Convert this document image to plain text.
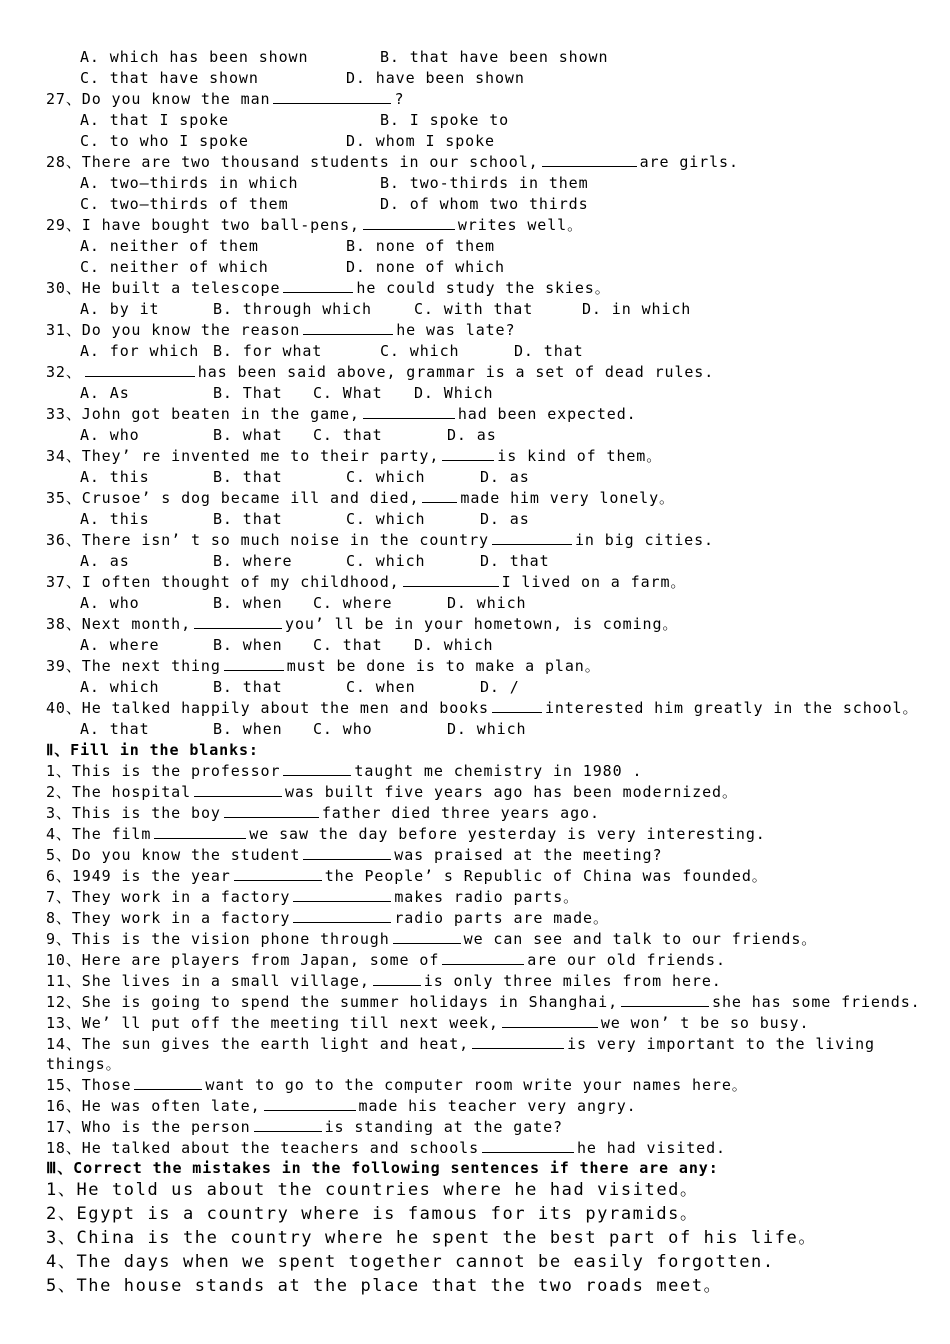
A. which has been shown	B. that have been shown
C. that have shown	D. have been shown
27、Do you know the man	?
A. that I spoke	B. I spoke to
C. to who I spoke	D. whom I spoke
28、There are two thousand students in our school,	are girls.
A. two—thirds in which	B. two-thirds in them
C. two—thirds of them	D. of whom two thirds
29、I have bought two ball-pens,	writes well。
A. neither of them	B. none of them
C. neither of which	D. none of which
30、He built a telescope	he could study the skies。
A. by it	B. through which	C. with that	D. in which
31、Do you know the reason	he was late?
A. for which B. for what	C. which	D. that
32、	has been said above, grammar is a set of dead rules.
A. As	B. That C. What D. Which
33、John got beaten in the game,	had been expected.
A. who	B. what C. that	D. as
34、They’ re invented me to their party,	is kind of them。
A. this	B. that	C. which	D. as
35、Crusoe’ s dog became ill and died,	made him very lonely。
A. this	B. that	C. which	D. as
36、There isn’ t so much noise in the country	in big cities.
A. as	B. where	C. which	D. that
37、I often thought of my childhood,	I lived on a farm。
A. who	B. when C. where	D. which
38、Next month,	you’ ll be in your hometown, is coming。
A. where	B. when C. that D. which
39、The next thing	must be done is to make a plan。
A. which	B. that	C. when	D. /
40、He talked happily about the men and books	interested him greatly in the school。
A. that	B. when C. who	D. which
Ⅱ、Fill in the blanks:
1、This is the professor	taught me chemistry in 1980 .
2、The hospital	was built five years ago has been modernized。
3、This is the boy	father died three years ago.
4、The film	we saw the day before yesterday is very interesting.
5、Do you know the student	was praised at the meeting?
6、1949 is the year	the People’ s Republic of China was founded。
7、They work in a factory	makes radio parts。
8、They work in a factory	radio parts are made。
9、This is the vision phone through	we can see and talk to our friends。
10、Here are players from Japan, some of	are our old friends.
11、She lives in a small village,	is only three miles from here.
12、She is going to spend the summer holidays in Shanghai,	she has some friends.
13、We’ ll put off the meeting till next week,	we won’ t be so busy.
14、The sun gives the earth light and heat,	is very important to the living
things。
15、Those	want to go to the computer room write your names here。
16、He was often late,	made his teacher very angry.
17、Who is the person	is standing at the gate?
18、He talked about the teachers and schools	he had visited.
Ⅲ、Correct the mistakes in the following sentences if there are any:
1、He told us about the countries where he had visited。
2、Egypt is a country where is famous for its pyramids。
3、China is the country where he spent the best part of his life。
4、The days when we spent together cannot be easily forgotten.
5、The house stands at the place that the two roads meet。
